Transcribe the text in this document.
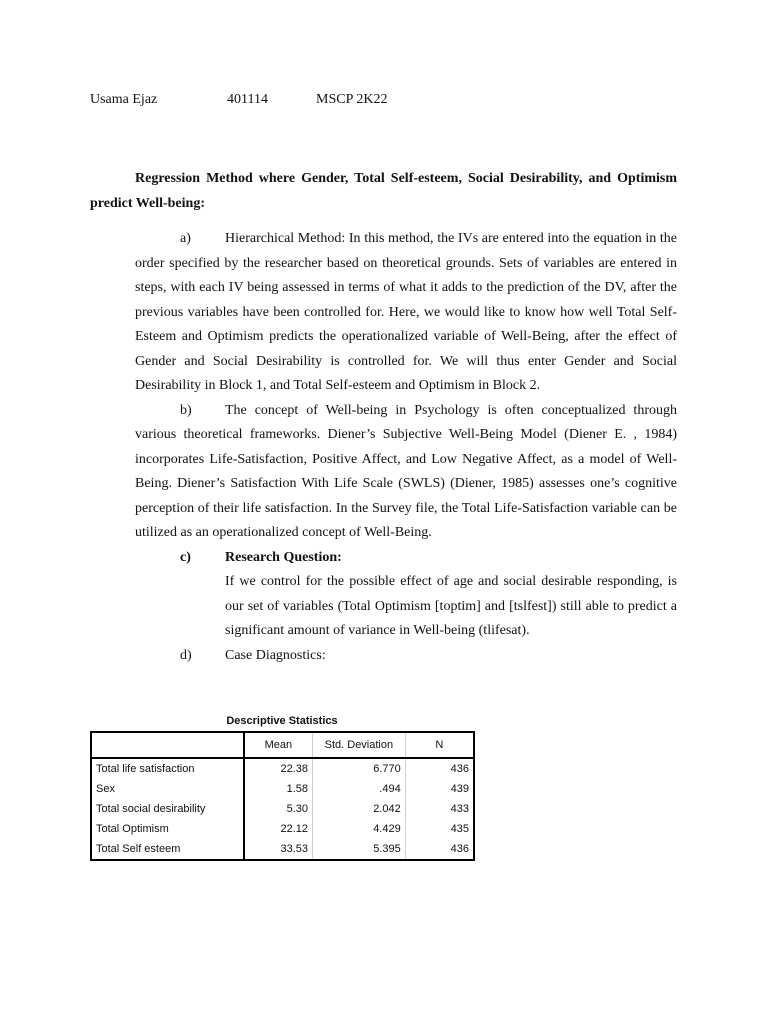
Usama Ejaz	401114	MSCP 2K22
Regression Method where Gender, Total Self-esteem, Social Desirability, and Optimism predict Well-being:
a)	Hierarchical Method: In this method, the IVs are entered into the equation in the order specified by the researcher based on theoretical grounds. Sets of variables are entered in steps, with each IV being assessed in terms of what it adds to the prediction of the DV, after the previous variables have been controlled for. Here, we would like to know how well Total Self-Esteem and Optimism predicts the operationalized variable of Well-Being, after the effect of Gender and Social Desirability is controlled for. We will thus enter Gender and Social Desirability in Block 1, and Total Self-esteem and Optimism in Block 2.
b)	The concept of Well-being in Psychology is often conceptualized through various theoretical frameworks. Diener’s Subjective Well-Being Model (Diener E. , 1984) incorporates Life-Satisfaction, Positive Affect, and Low Negative Affect, as a model of Well-Being. Diener’s Satisfaction With Life Scale (SWLS) (Diener, 1985) assesses one’s cognitive perception of their life satisfaction. In the Survey file, the Total Life-Satisfaction variable can be utilized as an operationalized concept of Well-Being.
c)	Research Question:
If we control for the possible effect of age and social desirable responding, is our set of variables (Total Optimism [toptim] and [tslfest]) still able to predict a significant amount of variance in Well-being (tlifesat).
d)	Case Diagnostics:
Descriptive Statistics
	Mean	Std. Deviation	N
Total life satisfaction	22.38	6.770	436
Sex	1.58	.494	439
Total social desirability	5.30	2.042	433
Total Optimism	22.12	4.429	435
Total Self esteem	33.53	5.395	436
